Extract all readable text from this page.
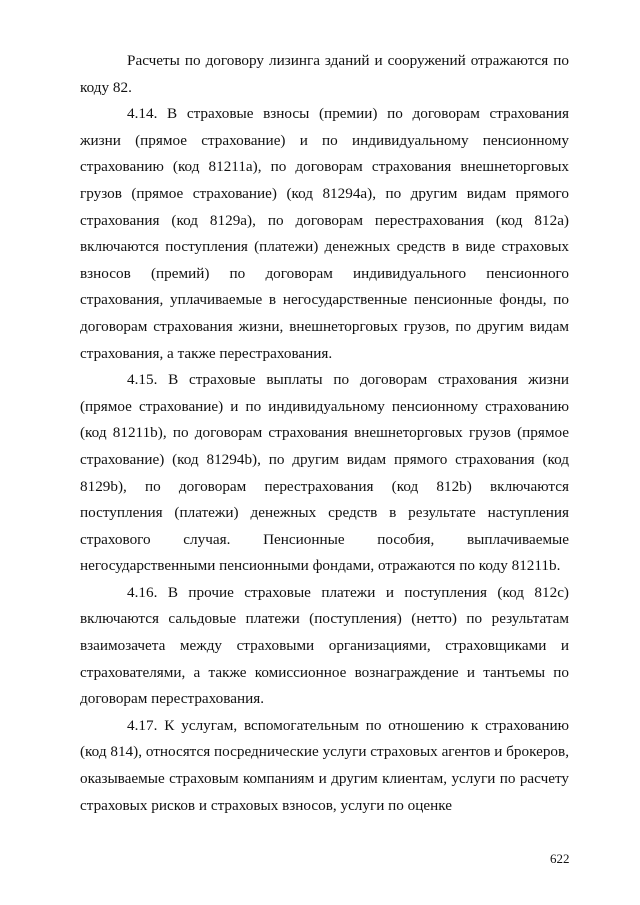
Расчеты по договору лизинга зданий и сооружений отражаются по коду 82.

4.14. В страховые взносы (премии) по договорам страхования жизни (прямое страхование) и по индивидуальному пенсионному страхованию (код 81211a), по договорам страхования внешнеторговых грузов (прямое страхование) (код 81294a), по другим видам прямого страхования (код 8129a), по договорам перестрахования (код 812a) включаются поступления (платежи) денежных средств в виде страховых взносов (премий) по договорам индивидуального пенсионного страхования, уплачиваемые в негосударственные пенсионные фонды, по договорам страхования жизни, внешнеторговых грузов, по другим видам страхования, а также перестрахования.

4.15. В страховые выплаты по договорам страхования жизни (прямое страхование) и по индивидуальному пенсионному страхованию (код 81211b), по договорам страхования внешнеторговых грузов (прямое страхование) (код 81294b), по другим видам прямого страхования (код 8129b), по договорам перестрахования (код 812b) включаются поступления (платежи) денежных средств в результате наступления страхового случая. Пенсионные пособия, выплачиваемые негосударственными пенсионными фондами, отражаются по коду 81211b.

4.16. В прочие страховые платежи и поступления (код 812c) включаются сальдовые платежи (поступления) (нетто) по результатам взаимозачета между страховыми организациями, страховщиками и страхователями, а также комиссионное вознаграждение и тантьемы по договорам перестрахования.

4.17. К услугам, вспомогательным по отношению к страхованию (код 814), относятся посреднические услуги страховых агентов и брокеров, оказываемые страховым компаниям и другим клиентам, услуги по расчету страховых рисков и страховых взносов, услуги по оценке

622
